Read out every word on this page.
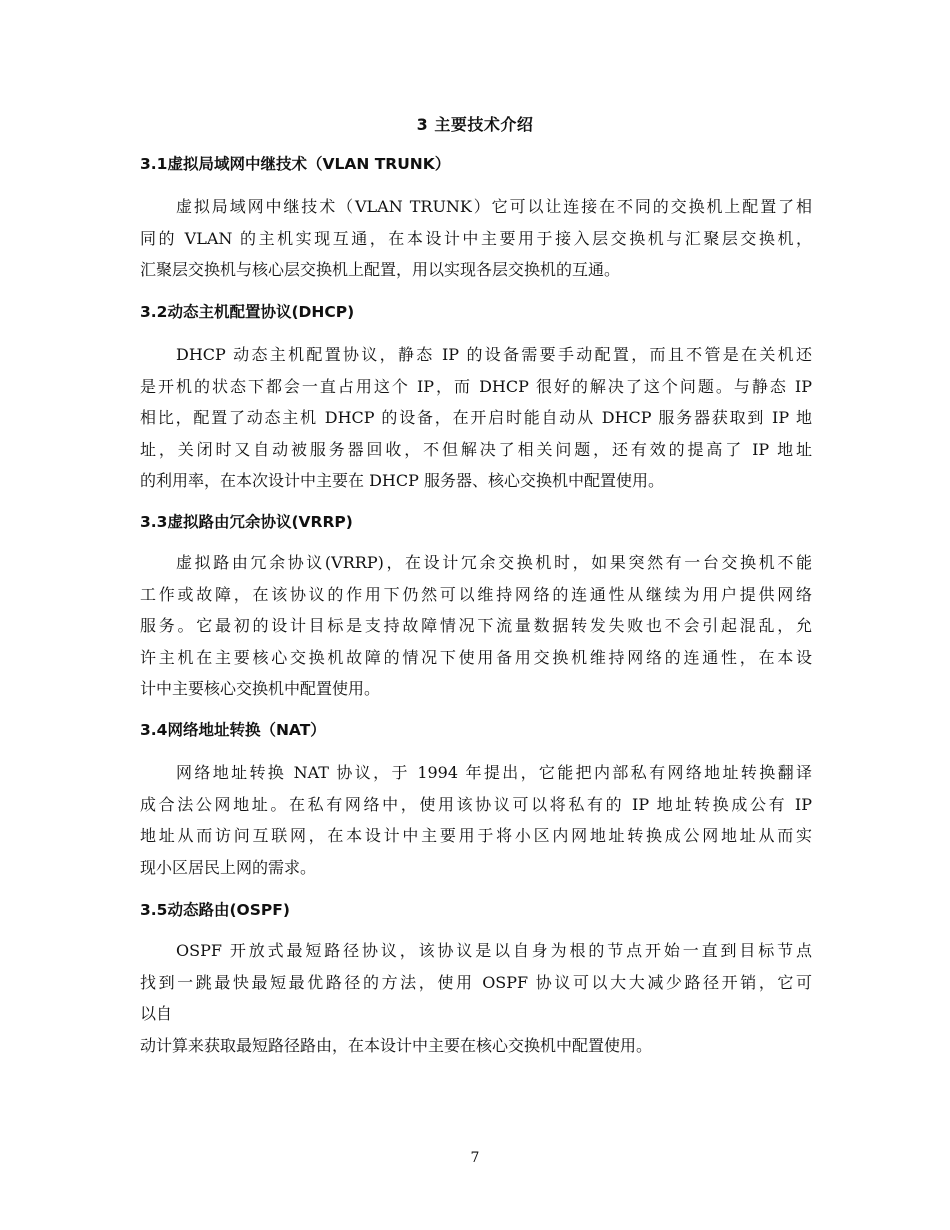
3 主要技术介绍
3.1虚拟局域网中继技术（VLAN TRUNK）
虚拟局域网中继技术（VLAN TRUNK）它可以让连接在不同的交换机上配置了相
同的 VLAN 的主机实现互通，在本设计中主要用于接入层交换机与汇聚层交换机，
汇聚层交换机与核心层交换机上配置，用以实现各层交换机的互通。
3.2动态主机配置协议(DHCP)
DHCP 动态主机配置协议，静态 IP 的设备需要手动配置，而且不管是在关机还
是开机的状态下都会一直占用这个 IP，而 DHCP 很好的解决了这个问题。与静态 IP
相比，配置了动态主机 DHCP 的设备，在开启时能自动从 DHCP 服务器获取到 IP 地
址，关闭时又自动被服务器回收，不但解决了相关问题，还有效的提高了 IP 地址
的利用率，在本次设计中主要在 DHCP 服务器、核心交换机中配置使用。
3.3虚拟路由冗余协议(VRRP)
虚拟路由冗余协议(VRRP)，在设计冗余交换机时，如果突然有一台交换机不能
工作或故障，在该协议的作用下仍然可以维持网络的连通性从继续为用户提供网络
服务。它最初的设计目标是支持故障情况下流量数据转发失败也不会引起混乱，允
许主机在主要核心交换机故障的情况下使用备用交换机维持网络的连通性，在本设
计中主要核心交换机中配置使用。
3.4网络地址转换（NAT）
网络地址转换 NAT 协议，于 1994 年提出，它能把内部私有网络地址转换翻译
成合法公网地址。在私有网络中，使用该协议可以将私有的 IP 地址转换成公有 IP
地址从而访问互联网，在本设计中主要用于将小区内网地址转换成公网地址从而实
现小区居民上网的需求。
3.5动态路由(OSPF)
OSPF 开放式最短路径协议，该协议是以自身为根的节点开始一直到目标节点
找到一跳最快最短最优路径的方法，使用 OSPF 协议可以大大减少路径开销，它可
以自
动计算来获取最短路径路由，在本设计中主要在核心交换机中配置使用。
7
